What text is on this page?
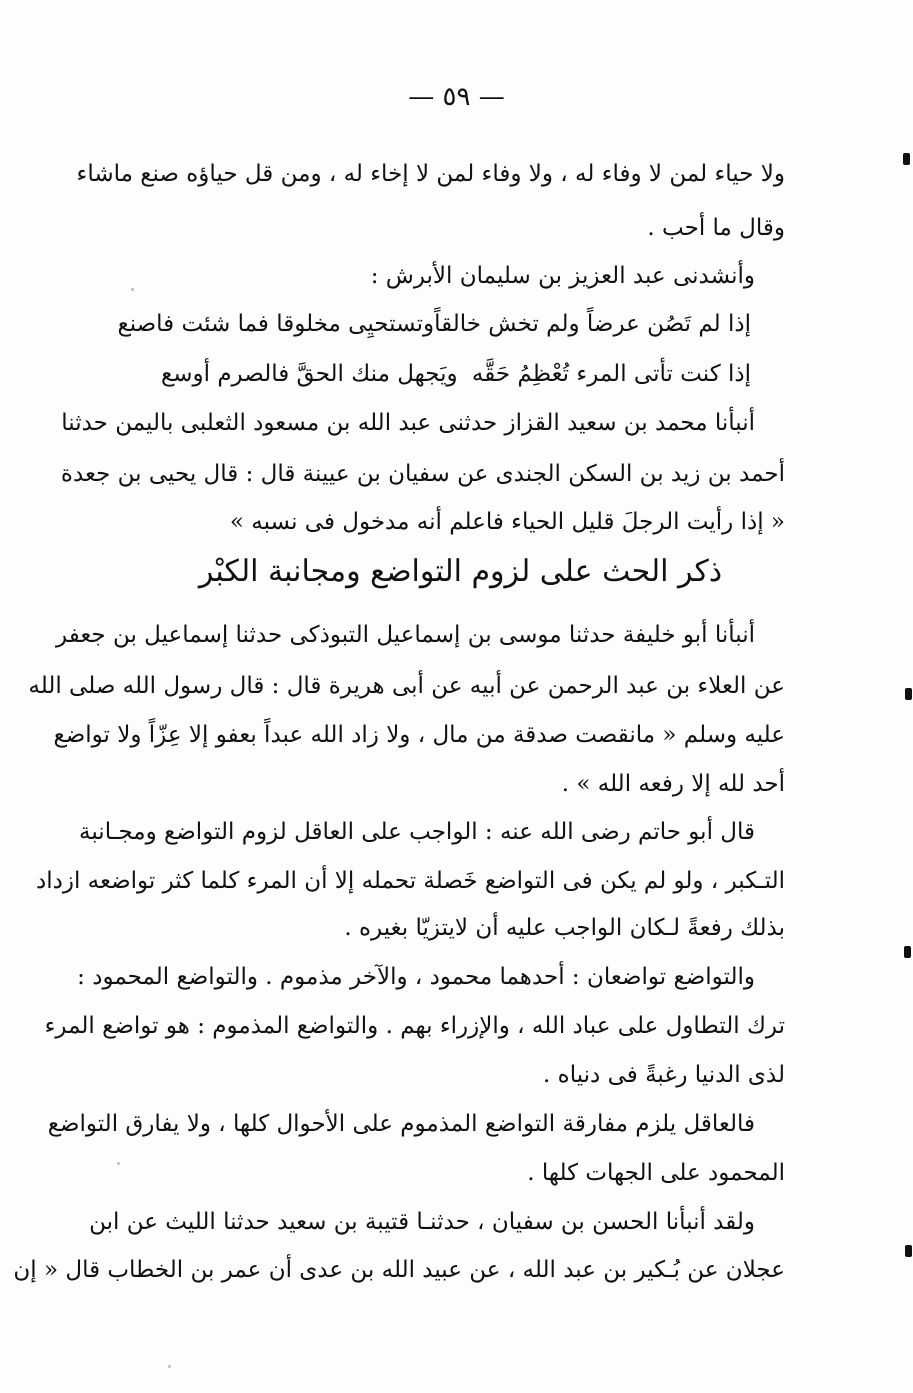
— ٥٩ —
ولا حياء لمن لا وفاء له ، ولا وفاء لمن لا إخاء له ، ومن قل حياؤه صنع ماشاء
وقال ما أحب .
وأنشدنى عبد العزيز بن سليمان الأبرش :
إذا لم تَصُن عرضاً ولم تخش خالقاً
وتستحيِى مخلوقا فما شئت فاصنع
إذا كنت تأتى المرء تُعْظِمُ حَقَّه
ويَجهل منك الحقَّ فالصرم أوسع
أنبأنا محمد بن سعيد القزاز حدثنى عبد الله بن مسعود الثعلبى باليمن حدثنا
أحمد بن زيد بن السكن الجندى عن سفيان بن عيينة قال : قال يحيى بن جعدة
« إذا رأيت الرجلَ قليل الحياء فاعلم أنه مدخول فى نسبه »
ذكر الحث على لزوم التواضع ومجانبة الكبْر
أنبأنا أبو خليفة حدثنا موسى بن إسماعيل التبوذكى حدثنا إسماعيل بن جعفر
عن العلاء بن عبد الرحمن عن أبيه عن أبى هريرة قال : قال رسول الله صلى الله
عليه وسلم « مانقصت صدقة من مال ، ولا زاد الله عبداً بعفو إلا عِزّاً ولا تواضع
أحد لله إلا رفعه الله » .
قال أبو حاتم رضى الله عنه : الواجب على العاقل لزوم التواضع ومجـانبة
التـكبر ، ولو لم يكن فى التواضع خَصلة تحمله إلا أن المرء كلما كثر تواضعه ازداد
بذلك رفعةً لـكان الواجب عليه أن لايتزيّا بغيره .
والتواضع تواضعان : أحدهما محمود ، والآخر مذموم . والتواضع المحمود :
ترك التطاول على عباد الله ، والإزراء بهم . والتواضع المذموم : هو تواضع المرء
لذى الدنيا رغبةً فى دنياه .
فالعاقل يلزم مفارقة التواضع المذموم على الأحوال كلها ، ولا يفارق التواضع
المحمود على الجهات كلها .
ولقد أنبأنا الحسن بن سفيان ، حدثنـا قتيبة بن سعيد حدثنا الليث عن ابن
عجلان عن بُـكير بن عبد الله ، عن عبيد الله بن عدى أن عمر بن الخطاب قال « إن
